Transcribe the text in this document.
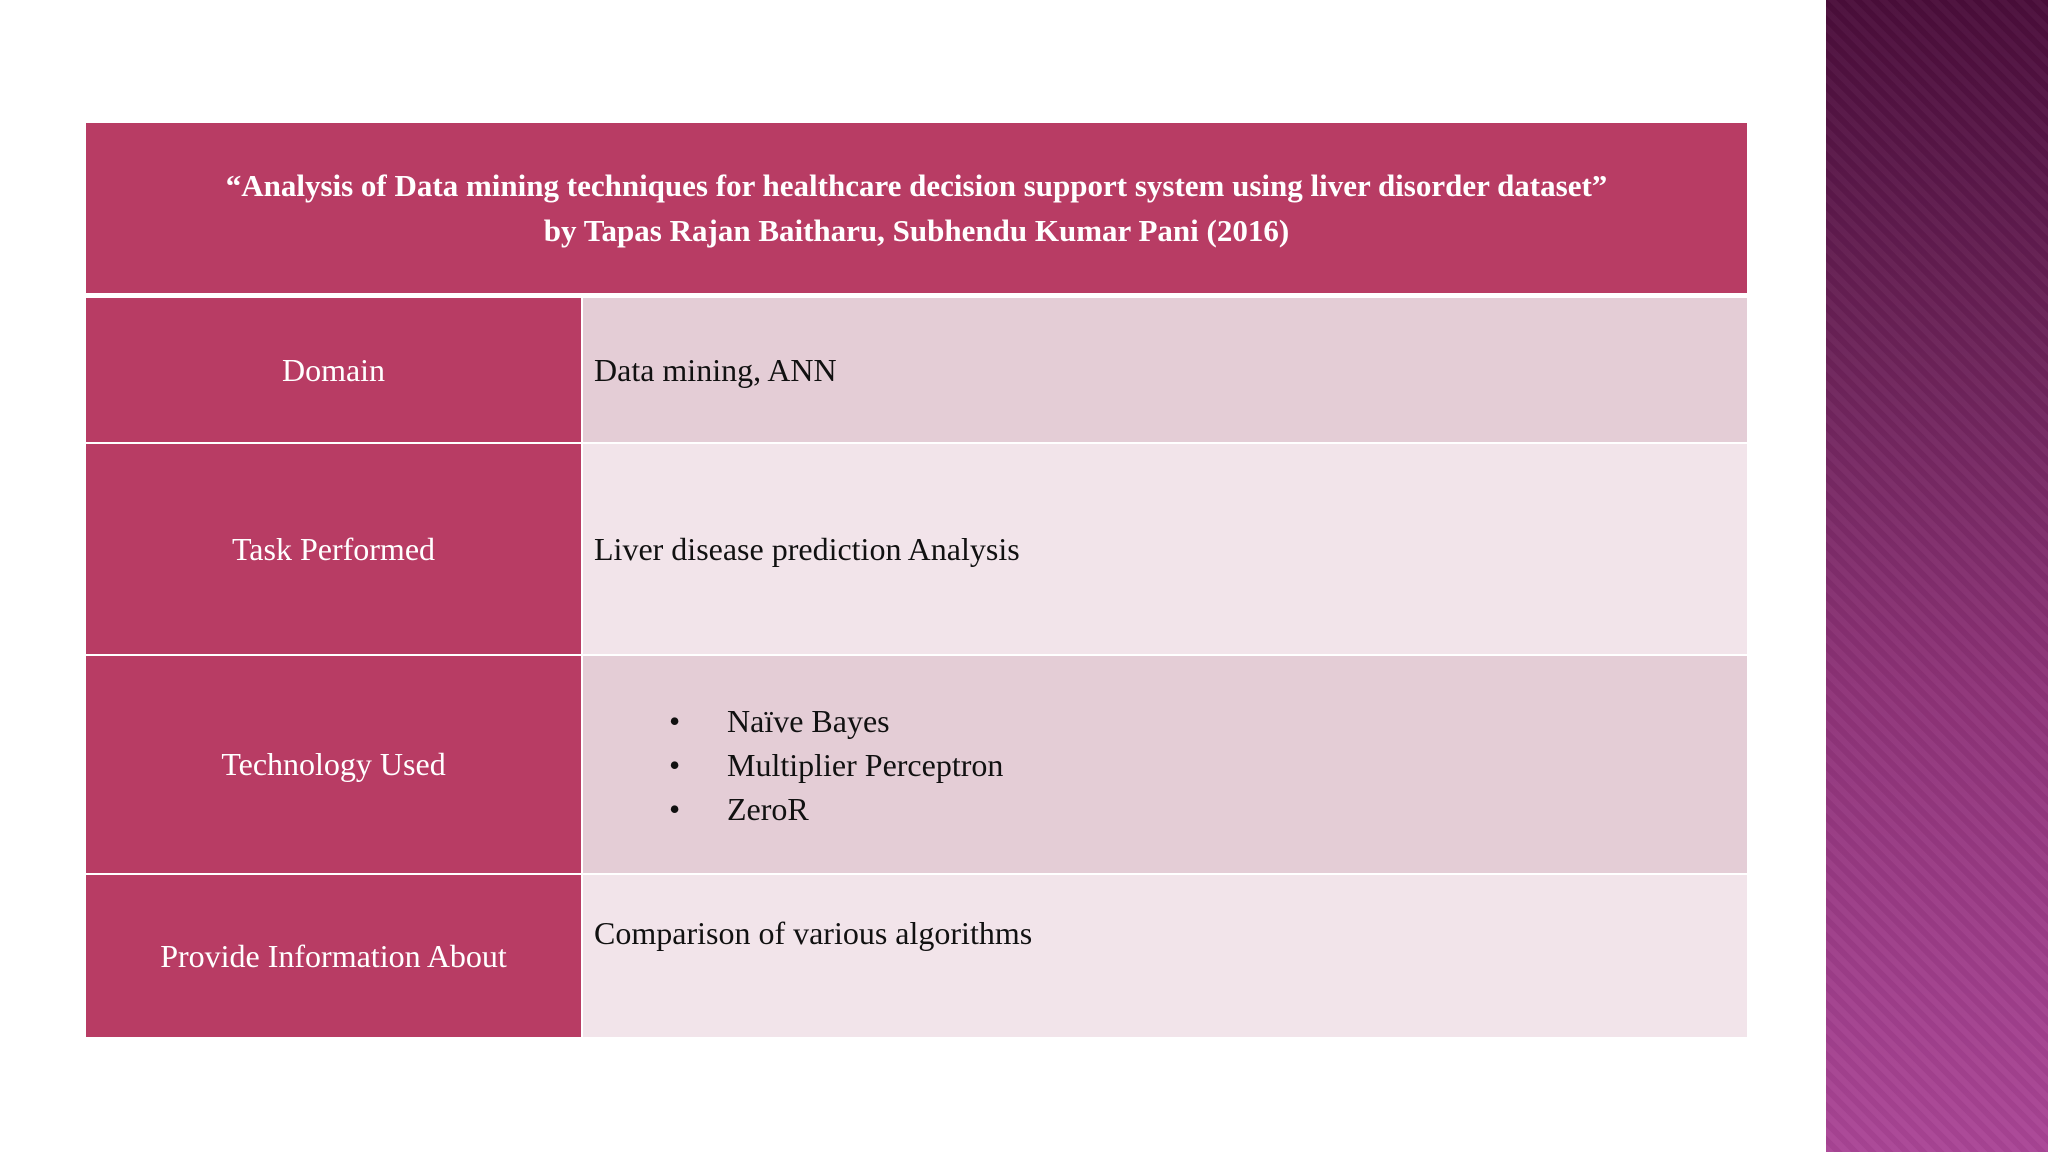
“Analysis of Data mining techniques for healthcare decision support system using liver disorder dataset”
by Tapas Rajan Baitharu, Subhendu Kumar Pani (2016)
Domain	Data mining, ANN
Task Performed	Liver disease prediction Analysis
Technology Used
• Naïve Bayes
• Multiplier Perceptron
• ZeroR
Provide Information About
Comparison of various algorithms
